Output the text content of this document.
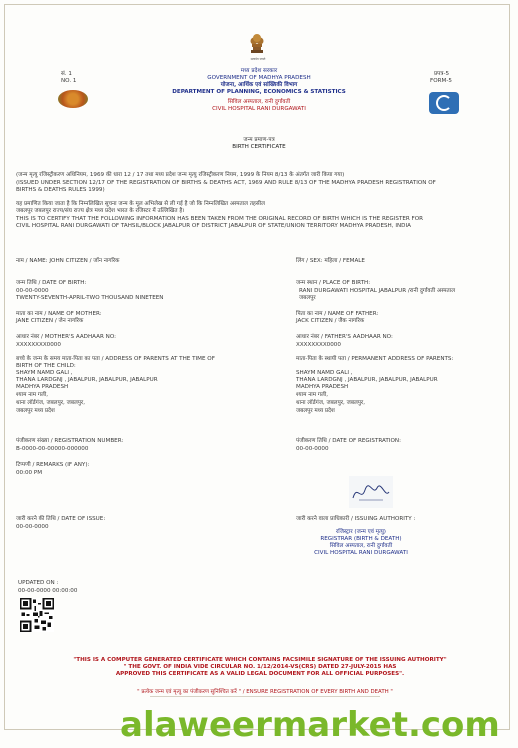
सत्यमेव जयते
सं. 1
NO. 1
प्रपत्र-5
FORM-5
मध्य प्रदेश सरकार
GOVERNMENT OF MADHYA PRADESH
योजना, आर्थिक एवं सांख्यिकी विभाग
DEPARTMENT OF PLANNING, ECONOMICS & STATISTICS
सिविल अस्पताल, रानी दुर्गावती
CIVIL HOSPITAL RANI DURGAWATI
जन्म प्रमाण-पत्र
BIRTH CERTIFICATE
(जन्म मृत्यु रजिस्ट्रीकरण अधिनियम, 1969 की धारा 12 / 17 तथा मध्य प्रदेश जन्म मृत्यु रजिस्ट्रीकरण नियम, 1999 के नियम 8/13 के अंतर्गत जारी किया गया)
(ISSUED UNDER SECTION 12/17 OF THE REGISTRATION OF BIRTHS & DEATHS ACT, 1969 AND RULE 8/13 OF THE MADHYA PRADESH REGISTRATION OF
BIRTHS & DEATHS RULES 1999)
यह प्रमाणित किया जाता है कि निम्नलिखित सूचना जन्म के मूल अभिलेख से ली गई है जो कि निम्नलिखित अस्पताल तहसील
जबलपुर जबलपुर राज्य/संघ राज्य क्षेत्र मध्य प्रदेश भारत के रजिस्टर में उल्लिखित है।
THIS IS TO CERTIFY THAT THE FOLLOWING INFORMATION HAS BEEN TAKEN FROM THE ORIGINAL RECORD OF BIRTH WHICH IS THE REGISTER FOR
CIVIL HOSPITAL RANI DURGAWATI OF TAHSIL/BLOCK JABALPUR OF DISTRICT JABALPUR OF STATE/UNION TERRITORY MADHYA PRADESH, INDIA
नाम / NAME: JOHN CITIZEN / जॉन नागरिक	लिंग / SEX: महिला / FEMALE
जन्म तिथि / DATE OF BIRTH:
00-00-0000
TWENTY-SEVENTH-APRIL-TWO THOUSAND NINETEEN
जन्म स्थान / PLACE OF BIRTH:
RANI DURGAWATI HOSPITAL JABALPUR /रानी दुर्गावती अस्पताल
जबलपुर
माता का नाम / NAME OF MOTHER:
JANE CITIZEN / जेन नागरिक
पिता का नाम / NAME OF FATHER:
JACK CITIZEN / जैक नागरिक
आधार नंबर / MOTHER'S AADHAAR NO:
XXXXXXXX0000
आधार नंबर / FATHER'S AADHAAR NO:
XXXXXXXX0000
बच्चे के जन्म के समय माता-पिता का पता / ADDRESS OF PARENTS AT THE TIME OF
BIRTH OF THE CHILD:
SHAYM NAMD GALI ,
THANA LARDGNJ , JABALPUR, JABALPUR, JABALPUR
MADHYA PRADESH
श्याम नाम गली,
थाना लॉर्डगंज, जबलपुर, जबलपुर,
जबलपुर मध्य प्रदेश
माता-पिता के स्थायी पता / PERMANENT ADDRESS OF PARENTS:
SHAYM NAMD GALI ,
THANA LARDGNJ , JABALPUR, JABALPUR, JABALPUR
MADHYA PRADESH
श्याम नाम गली,
थाना लॉर्डगंज, जबलपुर, जबलपुर,
जबलपुर मध्य प्रदेश
पंजीकरण संख्या / REGISTRATION NUMBER:
B-0000-00-00000-000000
पंजीकरण तिथि / DATE OF REGISTRATION:
00-00-0000
टिप्पणी / REMARKS (IF ANY):
00:00 PM
जारी करने की तिथि / DATE OF ISSUE:
00-00-0000
जारी करने वाला प्राधिकारी / ISSUING AUTHORITY :
रजिस्ट्रार (जन्म एवं मृत्यु)
REGISTRAR (BIRTH & DEATH)
सिविल अस्पताल, रानी दुर्गावती
CIVIL HOSPITAL RANI DURGAWATI
UPDATED ON :
00-00-0000 00:00:00
"THIS IS A COMPUTER GENERATED CERTIFICATE WHICH CONTAINS FACSIMILE SIGNATURE OF THE ISSUING AUTHORITY"
" THE GOVT. OF INDIA VIDE CIRCULAR NO. 1/12/2014-VS(CRS) DATED 27-JULY-2015 HAS
APPROVED THIS CERTIFICATE AS A VALID LEGAL DOCUMENT FOR ALL OFFICIAL PURPOSES".
" प्रत्येक जन्म एवं मृत्यु का पंजीकरण सुनिश्चित करें " / ENSURE REGISTRATION OF EVERY BIRTH AND DEATH "
alaweermarket.com
